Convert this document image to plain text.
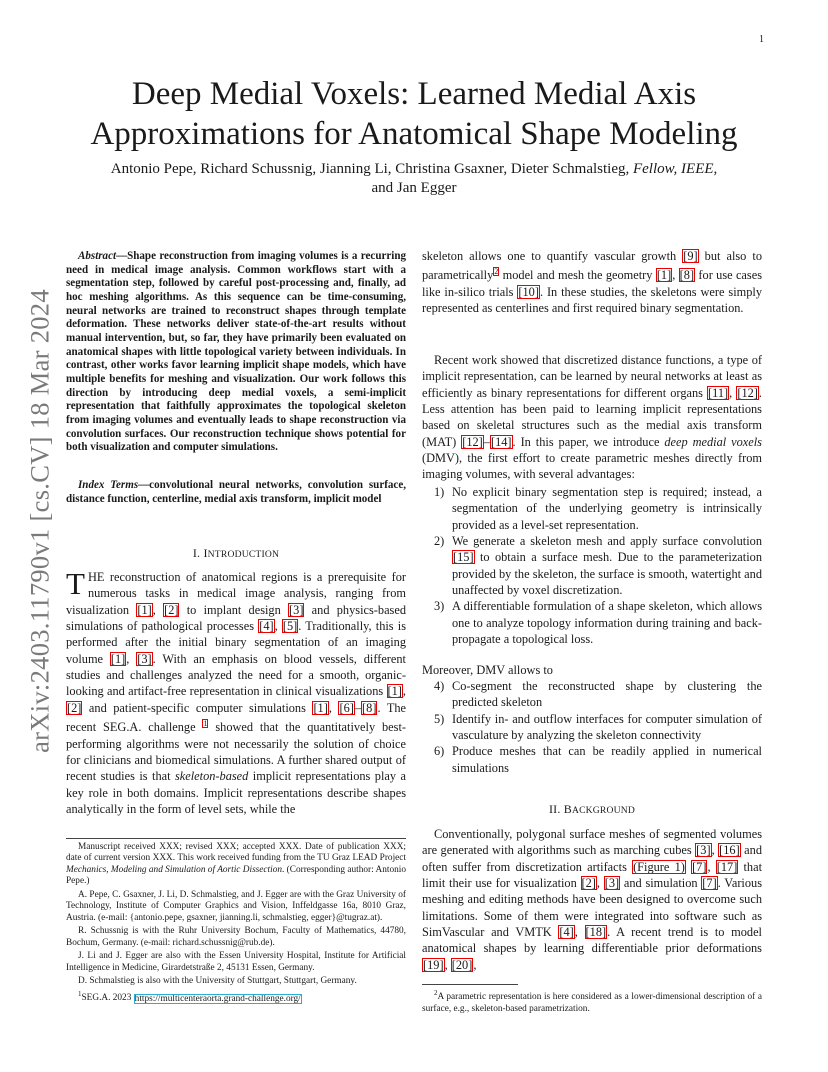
1
arXiv:2403.11790v1 [cs.CV] 18 Mar 2024
Deep Medial Voxels: Learned Medial Axis
Approximations for Anatomical Shape Modeling
Antonio Pepe, Richard Schussnig, Jianning Li, Christina Gsaxner, Dieter Schmalstieg, Fellow, IEEE,
and Jan Egger
Abstract—Shape reconstruction from imaging volumes is a recurring need in medical image analysis. Common workflows start with a segmentation step, followed by careful post-processing and, finally, ad hoc meshing algorithms. As this sequence can be time-consuming, neural networks are trained to reconstruct shapes through template deformation. These networks deliver state-of-the-art results without manual intervention, but, so far, they have primarily been evaluated on anatomical shapes with little topological variety between individuals. In contrast, other works favor learning implicit shape models, which have multiple benefits for meshing and visualization. Our work follows this direction by introducing deep medial voxels, a semi-implicit representation that faithfully approximates the topological skeleton from imaging volumes and eventually leads to shape reconstruction via convolution surfaces. Our reconstruction technique shows potential for both visualization and computer simulations.
Index Terms—convolutional neural networks, convolution surface, distance function, centerline, medial axis transform, implicit model
I. INTRODUCTION
THE reconstruction of anatomical regions is a prerequisite for numerous tasks in medical image analysis, ranging from visualization [1], [2] to implant design [3] and physics-based simulations of pathological processes [4], [5]. Traditionally, this is performed after the initial binary segmentation of an imaging volume [1], [3]. With an emphasis on blood vessels, different studies and challenges analyzed the need for a smooth, organic-looking and artifact-free representation in clinical visualizations [1], [2] and patient-specific computer simulations [1], [6]–[8]. The recent SEG.A. challenge $^1$ showed that the quantitatively best-performing algorithms were not necessarily the solution of choice for clinicians and biomedical simulations. A further shared output of recent studies is that skeleton-based implicit representations play a key role in both domains. Implicit representations describe shapes analytically in the form of level sets, while the

Manuscript received XXX; revised XXX; accepted XXX. Date of publication XXX; date of current version XXX. This work received funding from the TU Graz LEAD Project Mechanics, Modeling and Simulation of Aortic Dissection. (Corresponding author: Antonio Pepe.)

A. Pepe, C. Gsaxner, J. Li, D. Schmalstieg, and J. Egger are with the Graz University of Technology, Institute of Computer Graphics and Vision, Inffeldgasse 16a, 8010 Graz, Austria. (e-mail: {antonio.pepe, gsaxner, jianning.li, schmalstieg, egger}@tugraz.at).

R. Schussnig is with the Ruhr University Bochum, Faculty of Mathematics, 44780, Bochum, Germany. (e-mail: richard.schussnig@rub.de).

J. Li and J. Egger are also with the Essen University Hospital, Institute for Artificial Intelligence in Medicine, Girardetstraße 2, 45131 Essen, Germany.

D. Schmalstieg is also with the University of Stuttgart, Stuttgart, Germany.

$^1$SEG.A. 2023 https://multicenteraorta.grand-challenge.org/

skeleton allows one to quantify vascular growth [9] but also to parametrically$^2$ model and mesh the geometry [1], [8] for use cases like in-silico trials [10]. In these studies, the skeletons were simply represented as centerlines and first required binary segmentation.
Recent work showed that discretized distance functions, a type of implicit representation, can be learned by neural networks at least as efficiently as binary representations for different organs [11], [12]. Less attention has been paid to learning implicit representations based on skeletal structures such as the medial axis transform (MAT) [12]–[14]. In this paper, we introduce deep medial voxels (DMV), the first effort to create parametric meshes directly from imaging volumes, with several advantages:
1) No explicit binary segmentation step is required; instead, a segmentation of the underlying geometry is intrinsically provided as a level-set representation.
2) We generate a skeleton mesh and apply surface convolution [15] to obtain a surface mesh. Due to the parameterization provided by the skeleton, the surface is smooth, watertight and unaffected by voxel discretization.
3) A differentiable formulation of a shape skeleton, which allows one to analyze topology information during training and back-propagate a topological loss.
Moreover, DMV allows to
4) Co-segment the reconstructed shape by clustering the predicted skeleton
5) Identify in- and outflow interfaces for computer simulation of vasculature by analyzing the skeleton connectivity
6) Produce meshes that can be readily applied in numerical simulations
II. BACKGROUND
Conventionally, polygonal surface meshes of segmented volumes are generated with algorithms such as marching cubes [3], [16] and often suffer from discretization artifacts (Figure 1) [7], [17] that limit their use for visualization [2], [3] and simulation [7]. Various meshing and editing methods have been designed to overcome such limitations. Some of them were integrated into software such as SimVascular and VMTK [4], [18]. A recent trend is to model anatomical shapes by learning differentiable prior deformations [19], [20],
$^2$A parametric representation is here considered as a lower-dimensional description of a surface, e.g., skeleton-based parametrization.
